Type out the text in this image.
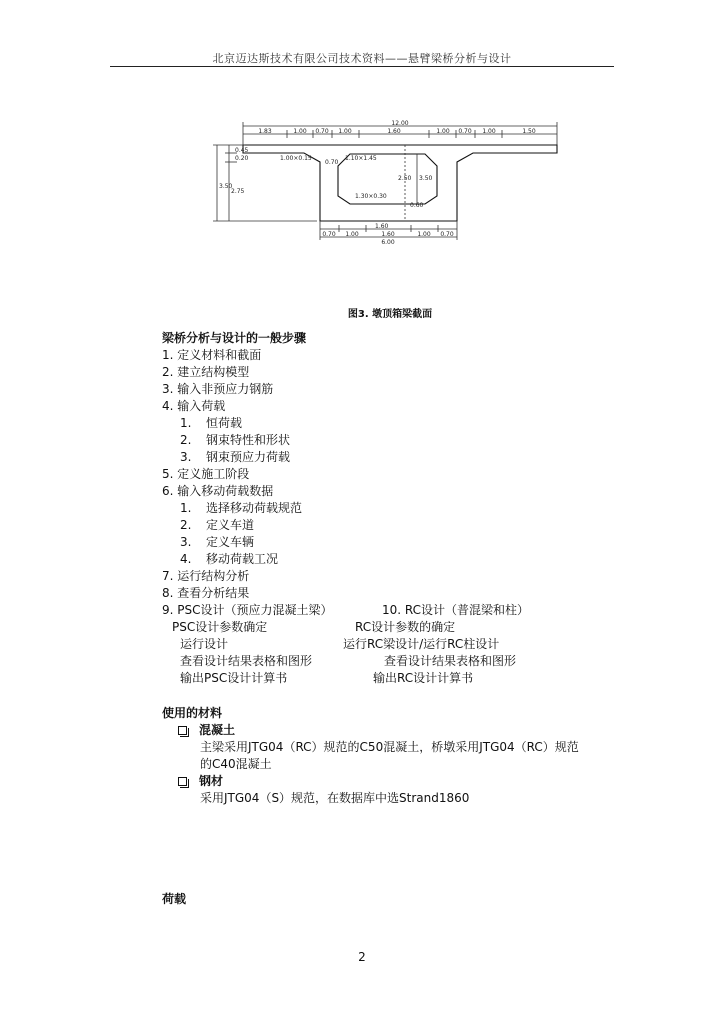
北京迈达斯技术有限公司技术资料——悬臂梁桥分析与设计
12.00
1.83	1.00 0.70 1.00	1.60	1.00 0.70 1.00	1.50
0.70 1.00	1.60	1.00 0.70
6.00
0.45
0.20
2.75
3.50
1.00×0.15
0.70
1.10×1.45
2.50 3.50
1.30×0.30
0.60
1.60
图3. 墩顶箱梁截面
梁桥分析与设计的一般步骤
1. 定义材料和截面
2. 建立结构模型
3. 输入非预应力钢筋
4. 输入荷载
1. 恒荷载
2. 钢束特性和形状
3. 钢束预应力荷载
5. 定义施工阶段
6. 输入移动荷载数据
1. 选择移动荷载规范
2. 定义车道
3. 定义车辆
4. 移动荷载工况
7. 运行结构分析
8. 查看分析结果
9. PSC设计（预应力混凝土梁）	10. RC设计（普混梁和柱）
PSC设计参数确定	RC设计参数的确定
运行设计	运行RC梁设计/运行RC柱设计
查看设计结果表格和图形	查看设计结果表格和图形
输出PSC设计计算书	输出RC设计计算书
使用的材料
混凝土
主梁采用JTG04（RC）规范的C50混凝土，桥墩采用JTG04（RC）规范
的C40混凝土
钢材
采用JTG04（S）规范，在数据库中选Strand1860
荷载
2
